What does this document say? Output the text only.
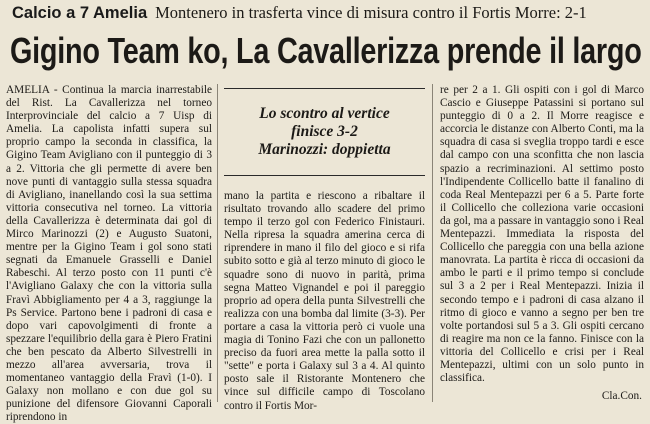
Calcio a 7 Amelia Montenero in trasferta vince di misura contro il Fortis Morre: 2-1
Gigino Team ko, La Cavallerizza prende il largo

AMELIA - Continua la marcia inarrestabile del Rist. La Cavallerizza nel torneo Interprovinciale del calcio a 7 Uisp di Amelia. La capolista infatti supera sul proprio campo la seconda in classifica, la Gigino Team Avigliano con il punteggio di 3 a 2. Vittoria che gli permette di avere ben nove punti di vantaggio sulla stessa squadra di Avigliano, inanellando così la sua settima vittoria consecutiva nel torneo. La vittoria della Cavallerizza è determinata dai gol di Mirco Marinozzi (2) e Augusto Suatoni, mentre per la Gigino Team i gol sono stati segnati da Emanuele Grasselli e Daniel Rabeschi. Al terzo posto con 11 punti c'è l'Avigliano Galaxy che con la vittoria sulla Fravì Abbigliamento per 4 a 3, raggiunge la Ps Service. Partono bene i padroni di casa e dopo vari capovolgimenti di fronte a spezzare l'equilibrio della gara è Piero Fratini che ben pescato da Alberto Silvestrelli in mezzo all'area avversaria, trova il momentaneo vantaggio della Fravì (1-0). I Galaxy non mollano e con due gol su punizione del difensore Giovanni Caporali riprendono in

Lo scontro al vertice
finisce 3-2
Marinozzi: doppietta

mano la partita e riescono a ribaltare il risultato trovando allo scadere del primo tempo il terzo gol con Federico Finistauri. Nella ripresa la squadra amerina cerca di riprendere in mano il filo del gioco e si rifa subito sotto e già al terzo minuto di gioco le squadre sono di nuovo in parità, prima segna Matteo Vignandel e poi il pareggio proprio ad opera della punta Silvestrelli che realizza con una bomba dal limite (3-3). Per portare a casa la vittoria però ci vuole una magia di Tonino Fazi che con un pallonetto preciso da fuori area mette la palla sotto il "sette" e porta i Galaxy sul 3 a 4. Al quinto posto sale il Ristorante Montenero che vince sul difficile campo di Toscolano contro il Fortis Mor-

re per 2 a 1. Gli ospiti con i gol di Marco Cascio e Giuseppe Patassini si portano sul punteggio di 0 a 2. Il Morre reagisce e accorcia le distanze con Alberto Conti, ma la squadra di casa si sveglia troppo tardi e esce dal campo con una sconfitta che non lascia spazio a recriminazioni. Al settimo posto l'Indipendente Collicello batte il fanalino di coda Real Mentepazzi per 6 a 5. Parte forte il Collicello che colleziona varie occasioni da gol, ma a passare in vantaggio sono i Real Mentepazzi. Immediata la risposta del Collicello che pareggia con una bella azione manovrata. La partita è ricca di occasioni da ambo le parti e il primo tempo si conclude sul 3 a 2 per i Real Mentepazzi. Inizia il secondo tempo e i padroni di casa alzano il ritmo di gioco e vanno a segno per ben tre volte portandosi sul 5 a 3. Gli ospiti cercano di reagire ma non ce la fanno. Finisce con la vittoria del Collicello e crisi per i Real Mentepazzi, ultimi con un solo punto in classifica.

Cla.Con.
